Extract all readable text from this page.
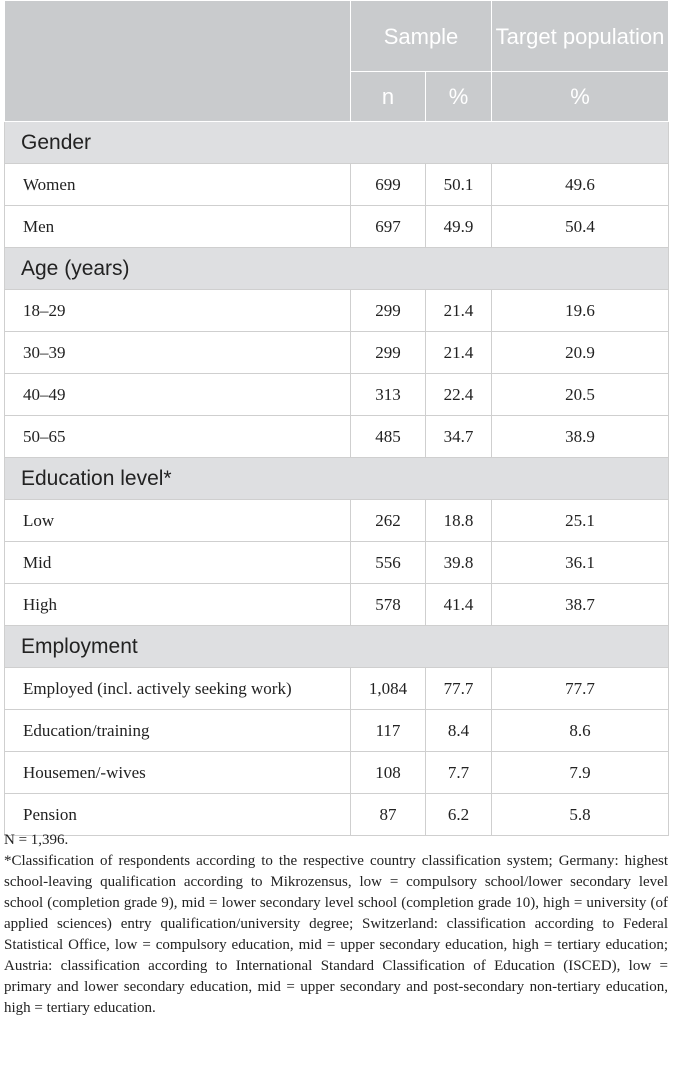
	Sample		Target population
	n	%	%
Gender			
Women	699	50.1	49.6
Men	697	49.9	50.4
Age (years)			
18–29	299	21.4	19.6
30–39	299	21.4	20.9
40–49	313	22.4	20.5
50–65	485	34.7	38.9
Education level*			
Low	262	18.8	25.1
Mid	556	39.8	36.1
High	578	41.4	38.7
Employment			
Employed (incl. actively seeking work)	1,084	77.7	77.7
Education/training	117	8.4	8.6
Housemen/-wives	108	7.7	7.9
Pension	87	6.2	5.8

N = 1,396.

*Classification of respondents according to the respective country classification system; Germany: highest school-leaving qualification according to Mikrozensus, low = compulsory school/lower secondary level school (completion grade 9), mid = lower secondary level school (completion grade 10), high = university (of applied sciences) entry qualification/university degree; Switzerland: classification according to Federal Statistical Office, low = compulsory education, mid = upper secondary education, high = tertiary education; Austria: classification according to International Standard Classification of Education (ISCED), low = primary and lower secondary education, mid = upper secondary and post-secondary non-tertiary education, high = tertiary education.
